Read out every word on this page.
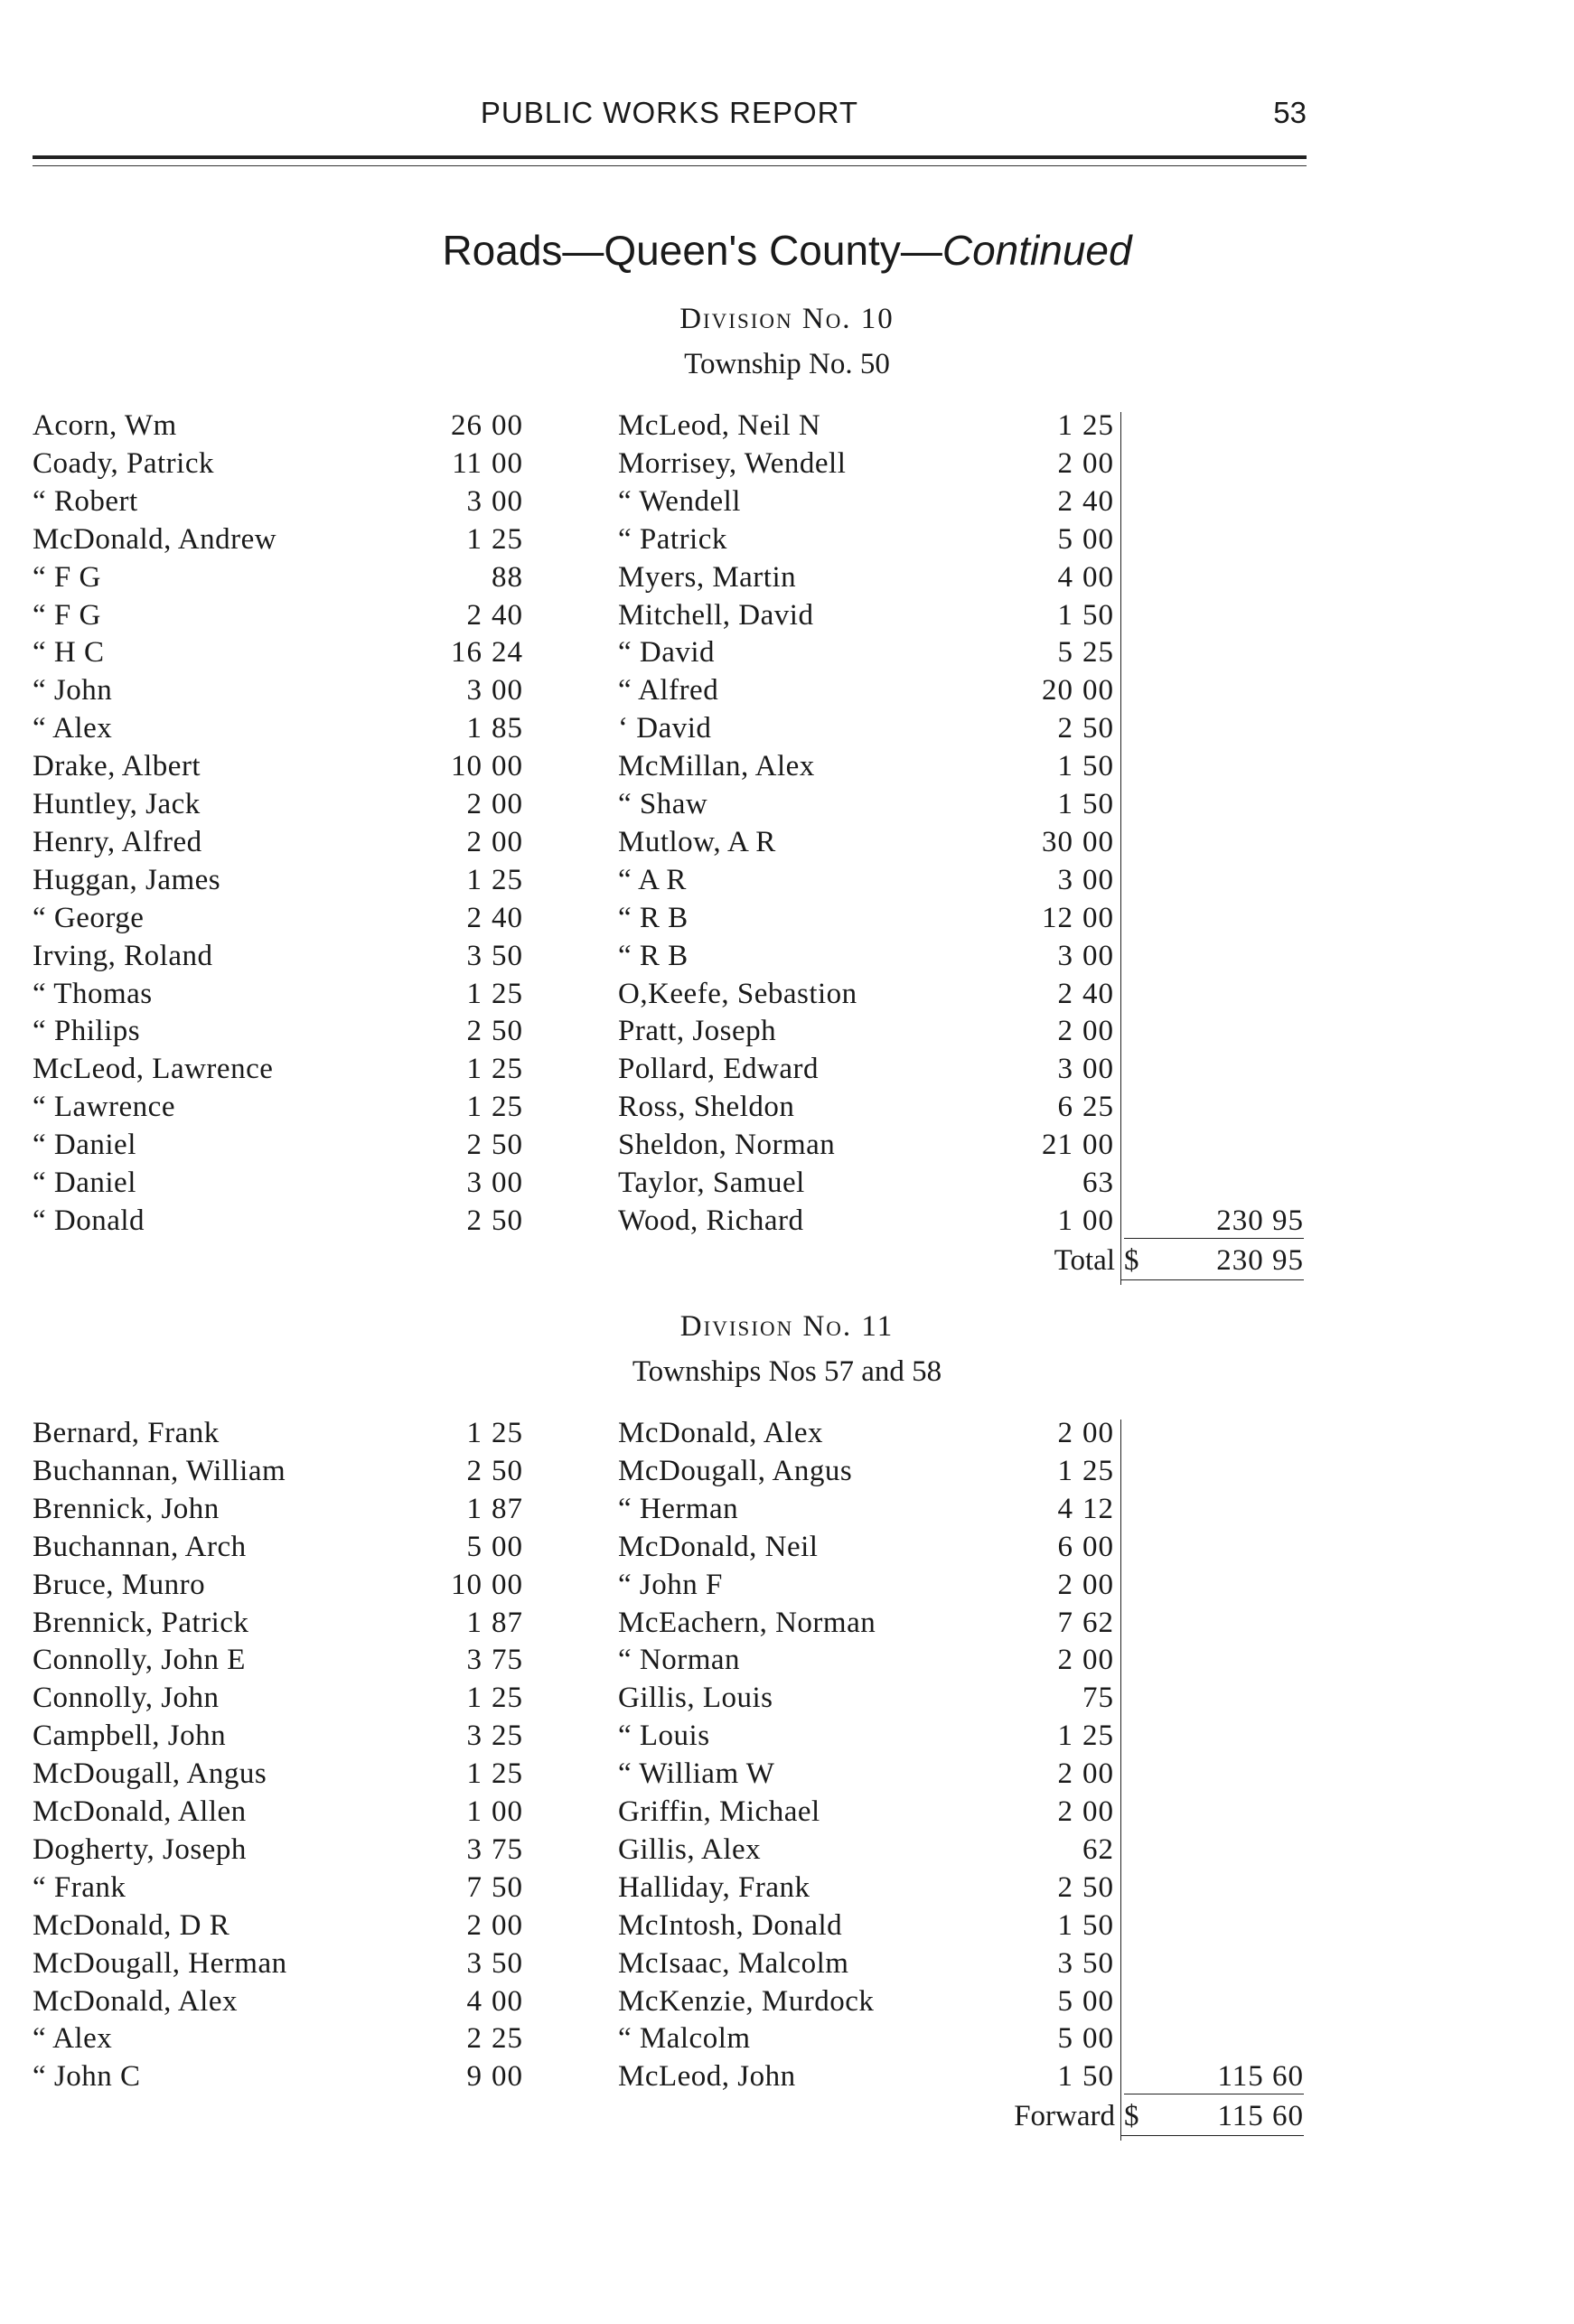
PUBLIC WORKS REPORT	53
Roads—Queen's County—Continued
Division No. 10
Township No. 50
Division No. 11
Townships Nos 57 and 58
Acorn, Wm	26 00
Coady, Patrick	11 00
“ Robert	3 00
McDonald, Andrew	1 25
“ F G	88
“ F G	2 40
“ H C	16 24
“ John	3 00
“ Alex	1 85
Drake, Albert	10 00
Huntley, Jack	2 00
Henry, Alfred	2 00
Huggan, James	1 25
“ George	2 40
Irving, Roland	3 50
“ Thomas	1 25
“ Philips	2 50
McLeod, Lawrence	1 25
“ Lawrence	1 25
“ Daniel	2 50
“ Daniel	3 00
“ Donald	2 50
McLeod, Neil N	1 25
Morrisey, Wendell	2 00
“ Wendell	2 40
“ Patrick	5 00
Myers, Martin	4 00
Mitchell, David	1 50
“ David	5 25
“ Alfred	20 00
‘ David	2 50
McMillan, Alex	1 50
“ Shaw	1 50
Mutlow, A R	30 00
“ A R	3 00
“ R B	12 00
“ R B	3 00
O,Keefe, Sebastion	2 40
Pratt, Joseph	2 00
Pollard, Edward	3 00
Ross, Sheldon	6 25
Sheldon, Norman	21 00
Taylor, Samuel	63
Wood, Richard	1 00	230 95
Total $	230 95
Bernard, Frank	1 25
Buchannan, William	2 50
Brennick, John	1 87
Buchannan, Arch	5 00
Bruce, Munro	10 00
Brennick, Patrick	1 87
Connolly, John E	3 75
Connolly, John	1 25
Campbell, John	3 25
McDougall, Angus	1 25
McDonald, Allen	1 00
Dogherty, Joseph	3 75
“ Frank	7 50
McDonald, D R	2 00
McDougall, Herman	3 50
McDonald, Alex	4 00
“ Alex	2 25
“ John C	9 00
McDonald, Alex	2 00
McDougall, Angus	1 25
“ Herman	4 12
McDonald, Neil	6 00
“ John F	2 00
McEachern, Norman	7 62
“ Norman	2 00
Gillis, Louis	75
“ Louis	1 25
“ William W	2 00
Griffin, Michael	2 00
Gillis, Alex	62
Halliday, Frank	2 50
McIntosh, Donald	1 50
McIsaac, Malcolm	3 50
McKenzie, Murdock	5 00
“ Malcolm	5 00
McLeod, John	1 50	115 60
Forward $	115 60
